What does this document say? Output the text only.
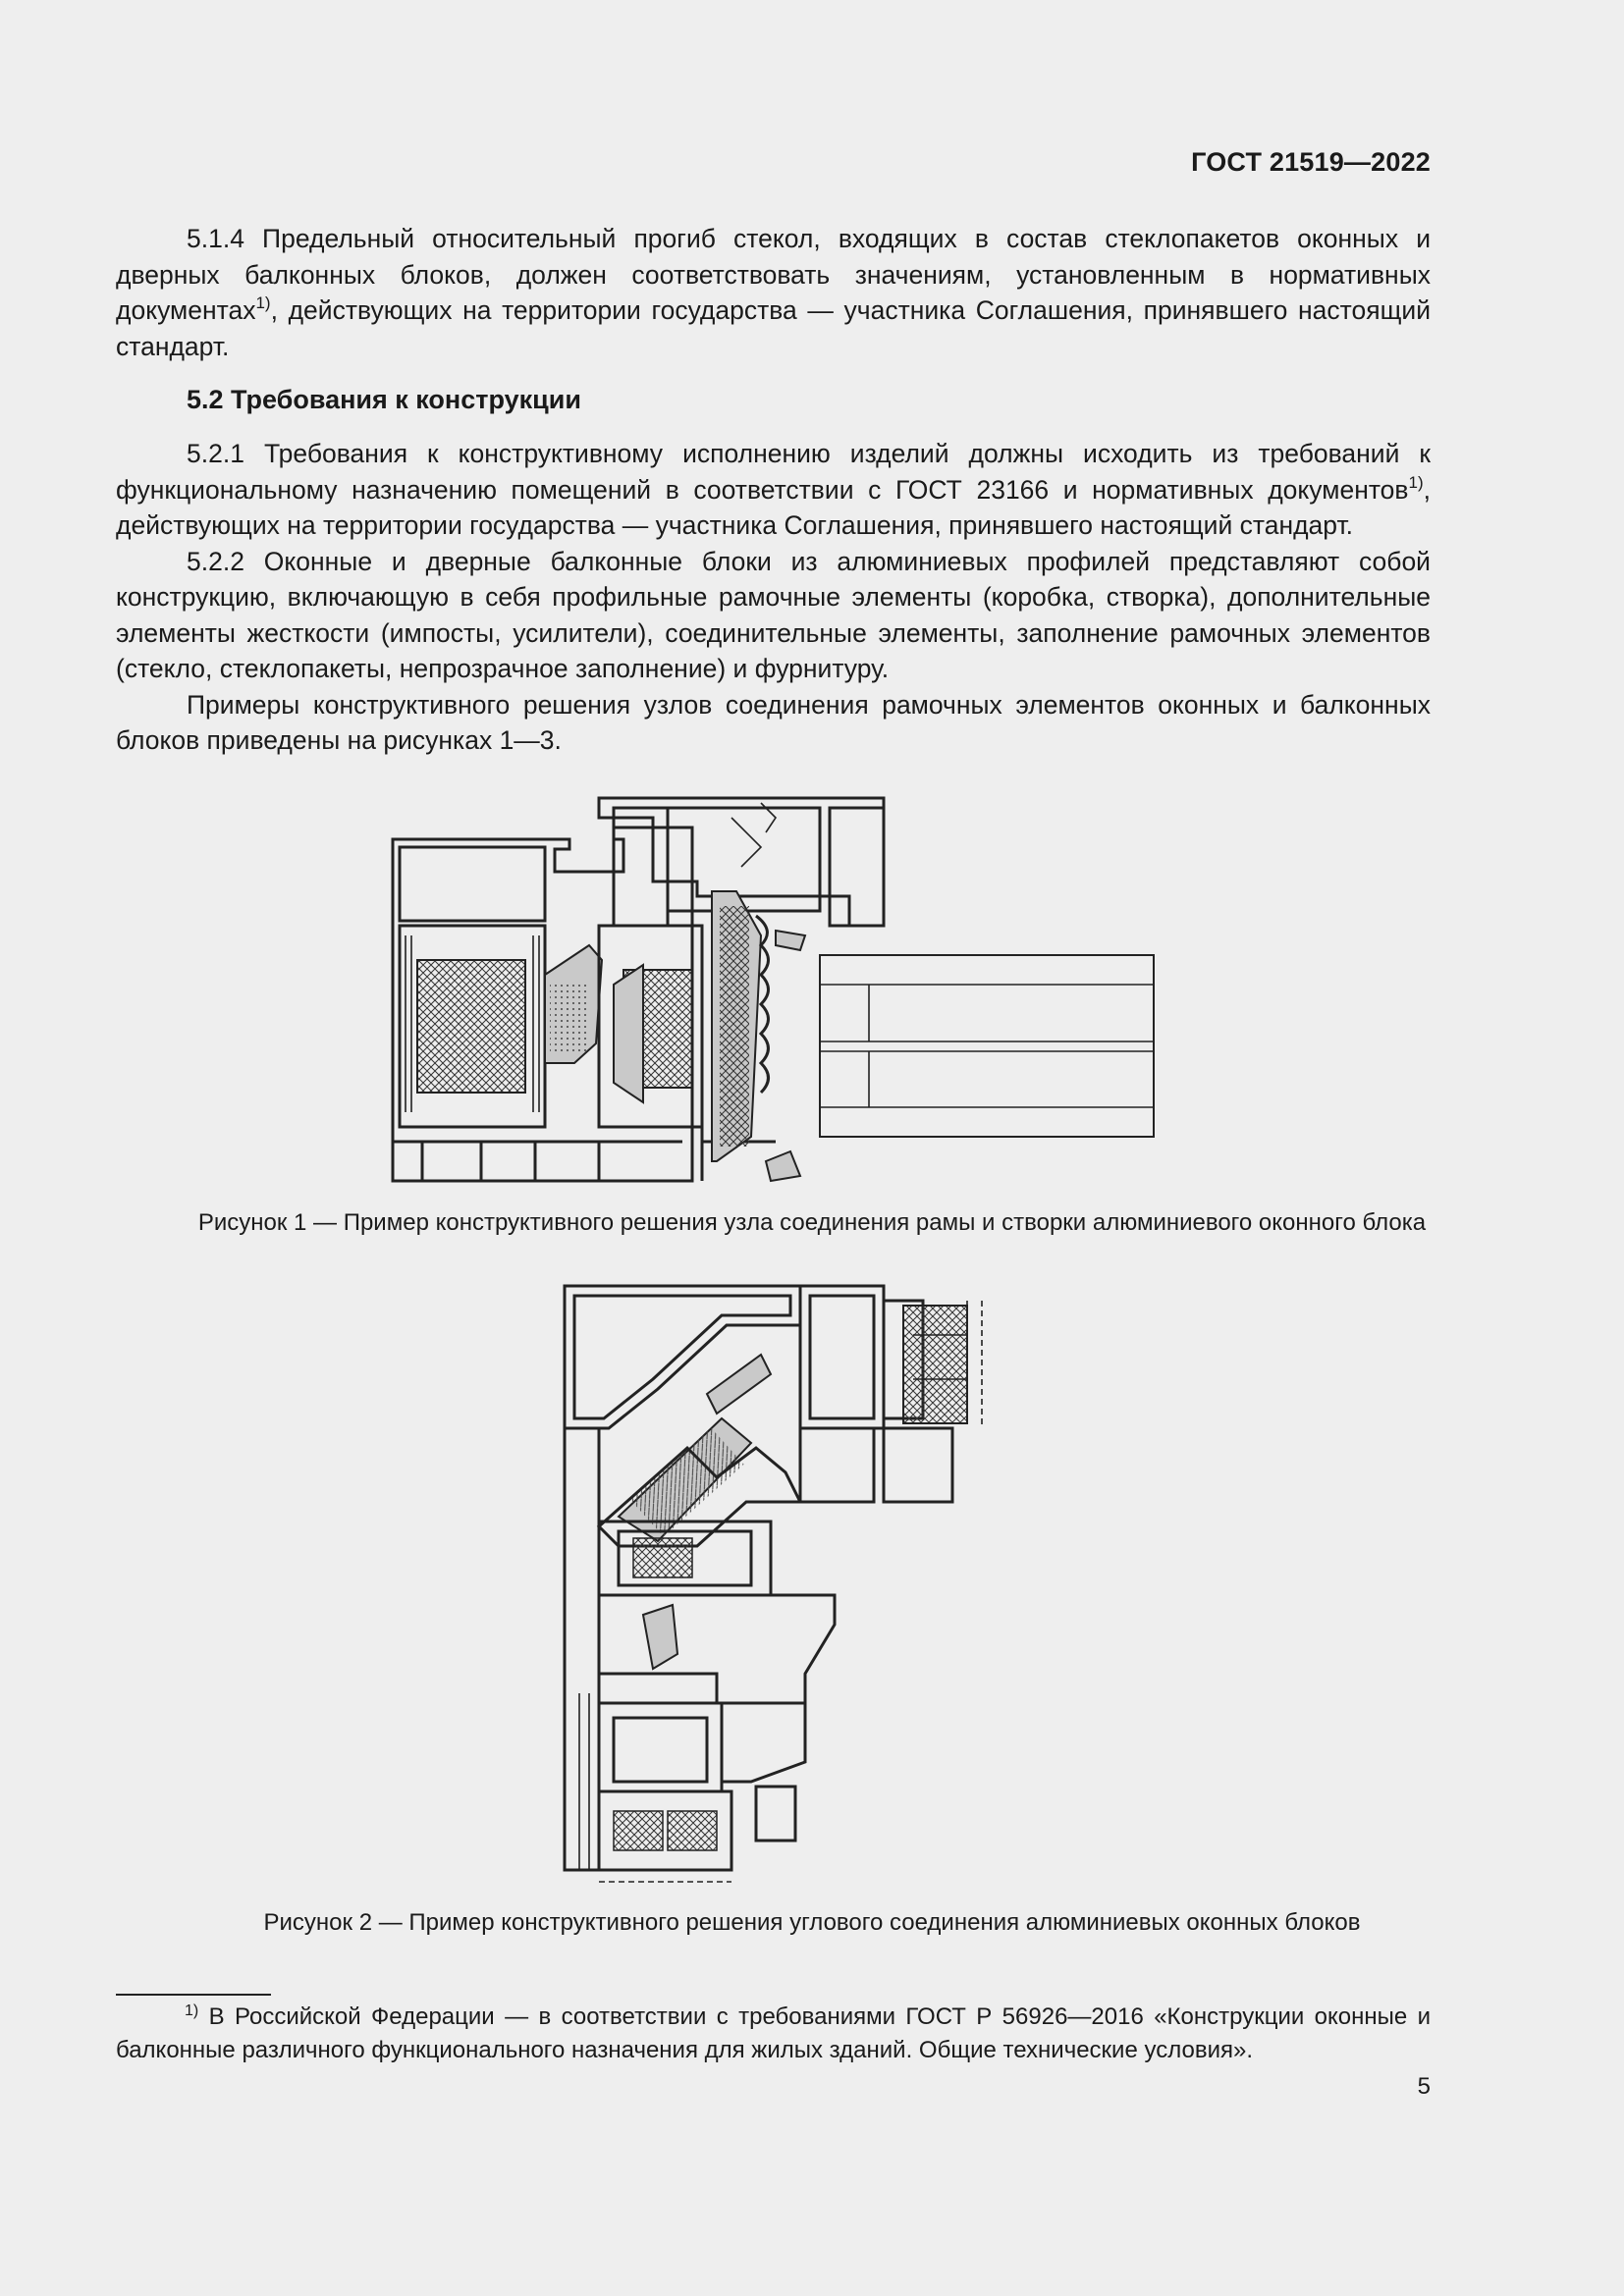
ГОСТ 21519—2022

5.1.4 Предельный относительный прогиб стекол, входящих в состав стеклопакетов оконных и дверных балконных блоков, должен соответствовать значениям, установленным в нормативных документах$^{1)}$, действующих на территории государства — участника Соглашения, принявшего настоящий стандарт.

5.2 Требования к конструкции

5.2.1 Требования к конструктивному исполнению изделий должны исходить из требований к функциональному назначению помещений в соответствии с ГОСТ 23166 и нормативных документов$^{1)}$, действующих на территории государства — участника Соглашения, принявшего настоящий стандарт.

5.2.2 Оконные и дверные балконные блоки из алюминиевых профилей представляют собой конструкцию, включающую в себя профильные рамочные элементы (коробка, створка), дополнительные элементы жесткости (импосты, усилители), соединительные элементы, заполнение рамочных элементов (стекло, стеклопакеты, непрозрачное заполнение) и фурнитуру.

Примеры конструктивного решения узлов соединения рамочных элементов оконных и балконных блоков приведены на рисунках 1—3.

Рисунок 1 — Пример конструктивного решения узла соединения рамы и створки алюминиевого оконного блока
Рисунок 2 — Пример конструктивного решения углового соединения алюминиевых оконных блоков
$^{1)}$ В Российской Федерации — в соответствии с требованиями ГОСТ Р 56926—2016 «Конструкции оконные и балконные различного функционального назначения для жилых зданий. Общие технические условия».
5
